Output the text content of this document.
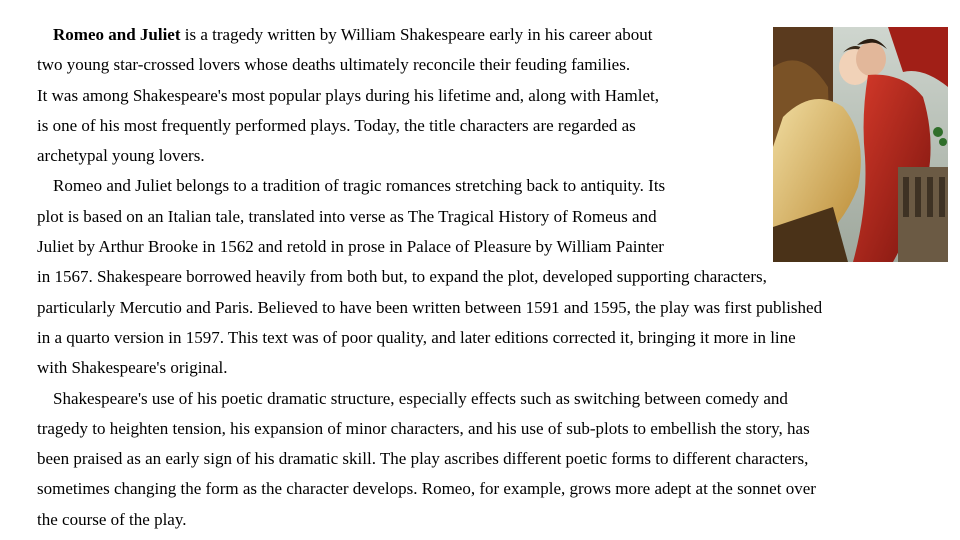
Romeo and Juliet is a tragedy written by William Shakespeare early in his career about
two young star-crossed lovers whose deaths ultimately reconcile their feuding families.
It was among Shakespeare's most popular plays during his lifetime and, along with Hamlet,
is one of his most frequently performed plays. Today, the title characters are regarded as
archetypal young lovers.
Romeo and Juliet belongs to a tradition of tragic romances stretching back to antiquity. Its
plot is based on an Italian tale, translated into verse as The Tragical History of Romeus and
Juliet by Arthur Brooke in 1562 and retold in prose in Palace of Pleasure by William Painter
in 1567. Shakespeare borrowed heavily from both but, to expand the plot, developed supporting characters,
particularly Mercutio and Paris. Believed to have been written between 1591 and 1595, the play was first published
in a quarto version in 1597. This text was of poor quality, and later editions corrected it, bringing it more in line
with Shakespeare's original.
Shakespeare's use of his poetic dramatic structure, especially effects such as switching between comedy and
tragedy to heighten tension, his expansion of minor characters, and his use of sub-plots to embellish the story, has
been praised as an early sign of his dramatic skill. The play ascribes different poetic forms to different characters,
sometimes changing the form as the character develops. Romeo, for example, grows more adept at the sonnet over
the course of the play.
